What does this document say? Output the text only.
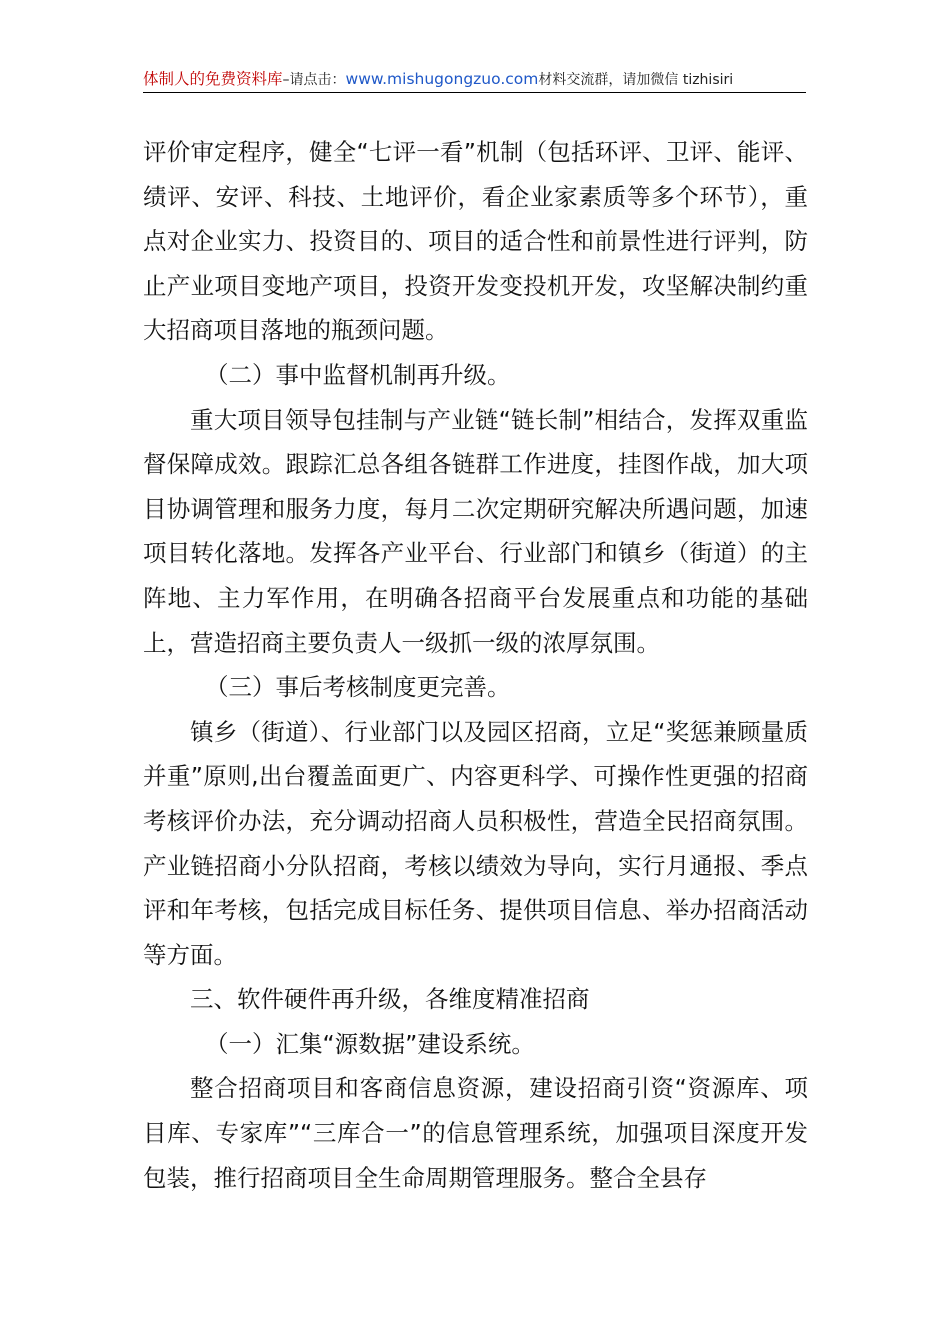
体制人的免费资料库–请点击：www.mishugongzuo.com材料交流群，请加微信 tizhisiri

评价审定程序，健全“七评一看”机制（包括环评、卫评、能评、绩评、安评、科技、土地评价，看企业家素质等多个环节），重点对企业实力、投资目的、项目的适合性和前景性进行评判，防止产业项目变地产项目，投资开发变投机开发，攻坚解决制约重大招商项目落地的瓶颈问题。

（二）事中监督机制再升级。

重大项目领导包挂制与产业链“链长制”相结合，发挥双重监督保障成效。跟踪汇总各组各链群工作进度，挂图作战，加大项目协调管理和服务力度，每月二次定期研究解决所遇问题，加速项目转化落地。发挥各产业平台、行业部门和镇乡（街道）的主阵地、主力军作用，在明确各招商平台发展重点和功能的基础上，营造招商主要负责人一级抓一级的浓厚氛围。

（三）事后考核制度更完善。

镇乡（街道）、行业部门以及园区招商，立足“奖惩兼顾量质并重”原则,出台覆盖面更广、内容更科学、可操作性更强的招商考核评价办法，充分调动招商人员积极性，营造全民招商氛围。产业链招商小分队招商，考核以绩效为导向，实行月通报、季点评和年考核，包括完成目标任务、提供项目信息、举办招商活动等方面。

三、软件硬件再升级，各维度精准招商

（一）汇集“源数据”建设系统。

整合招商项目和客商信息资源，建设招商引资“资源库、项目库、专家库”“三库合一”的信息管理系统，加强项目深度开发包装，推行招商项目全生命周期管理服务。整合全县存
